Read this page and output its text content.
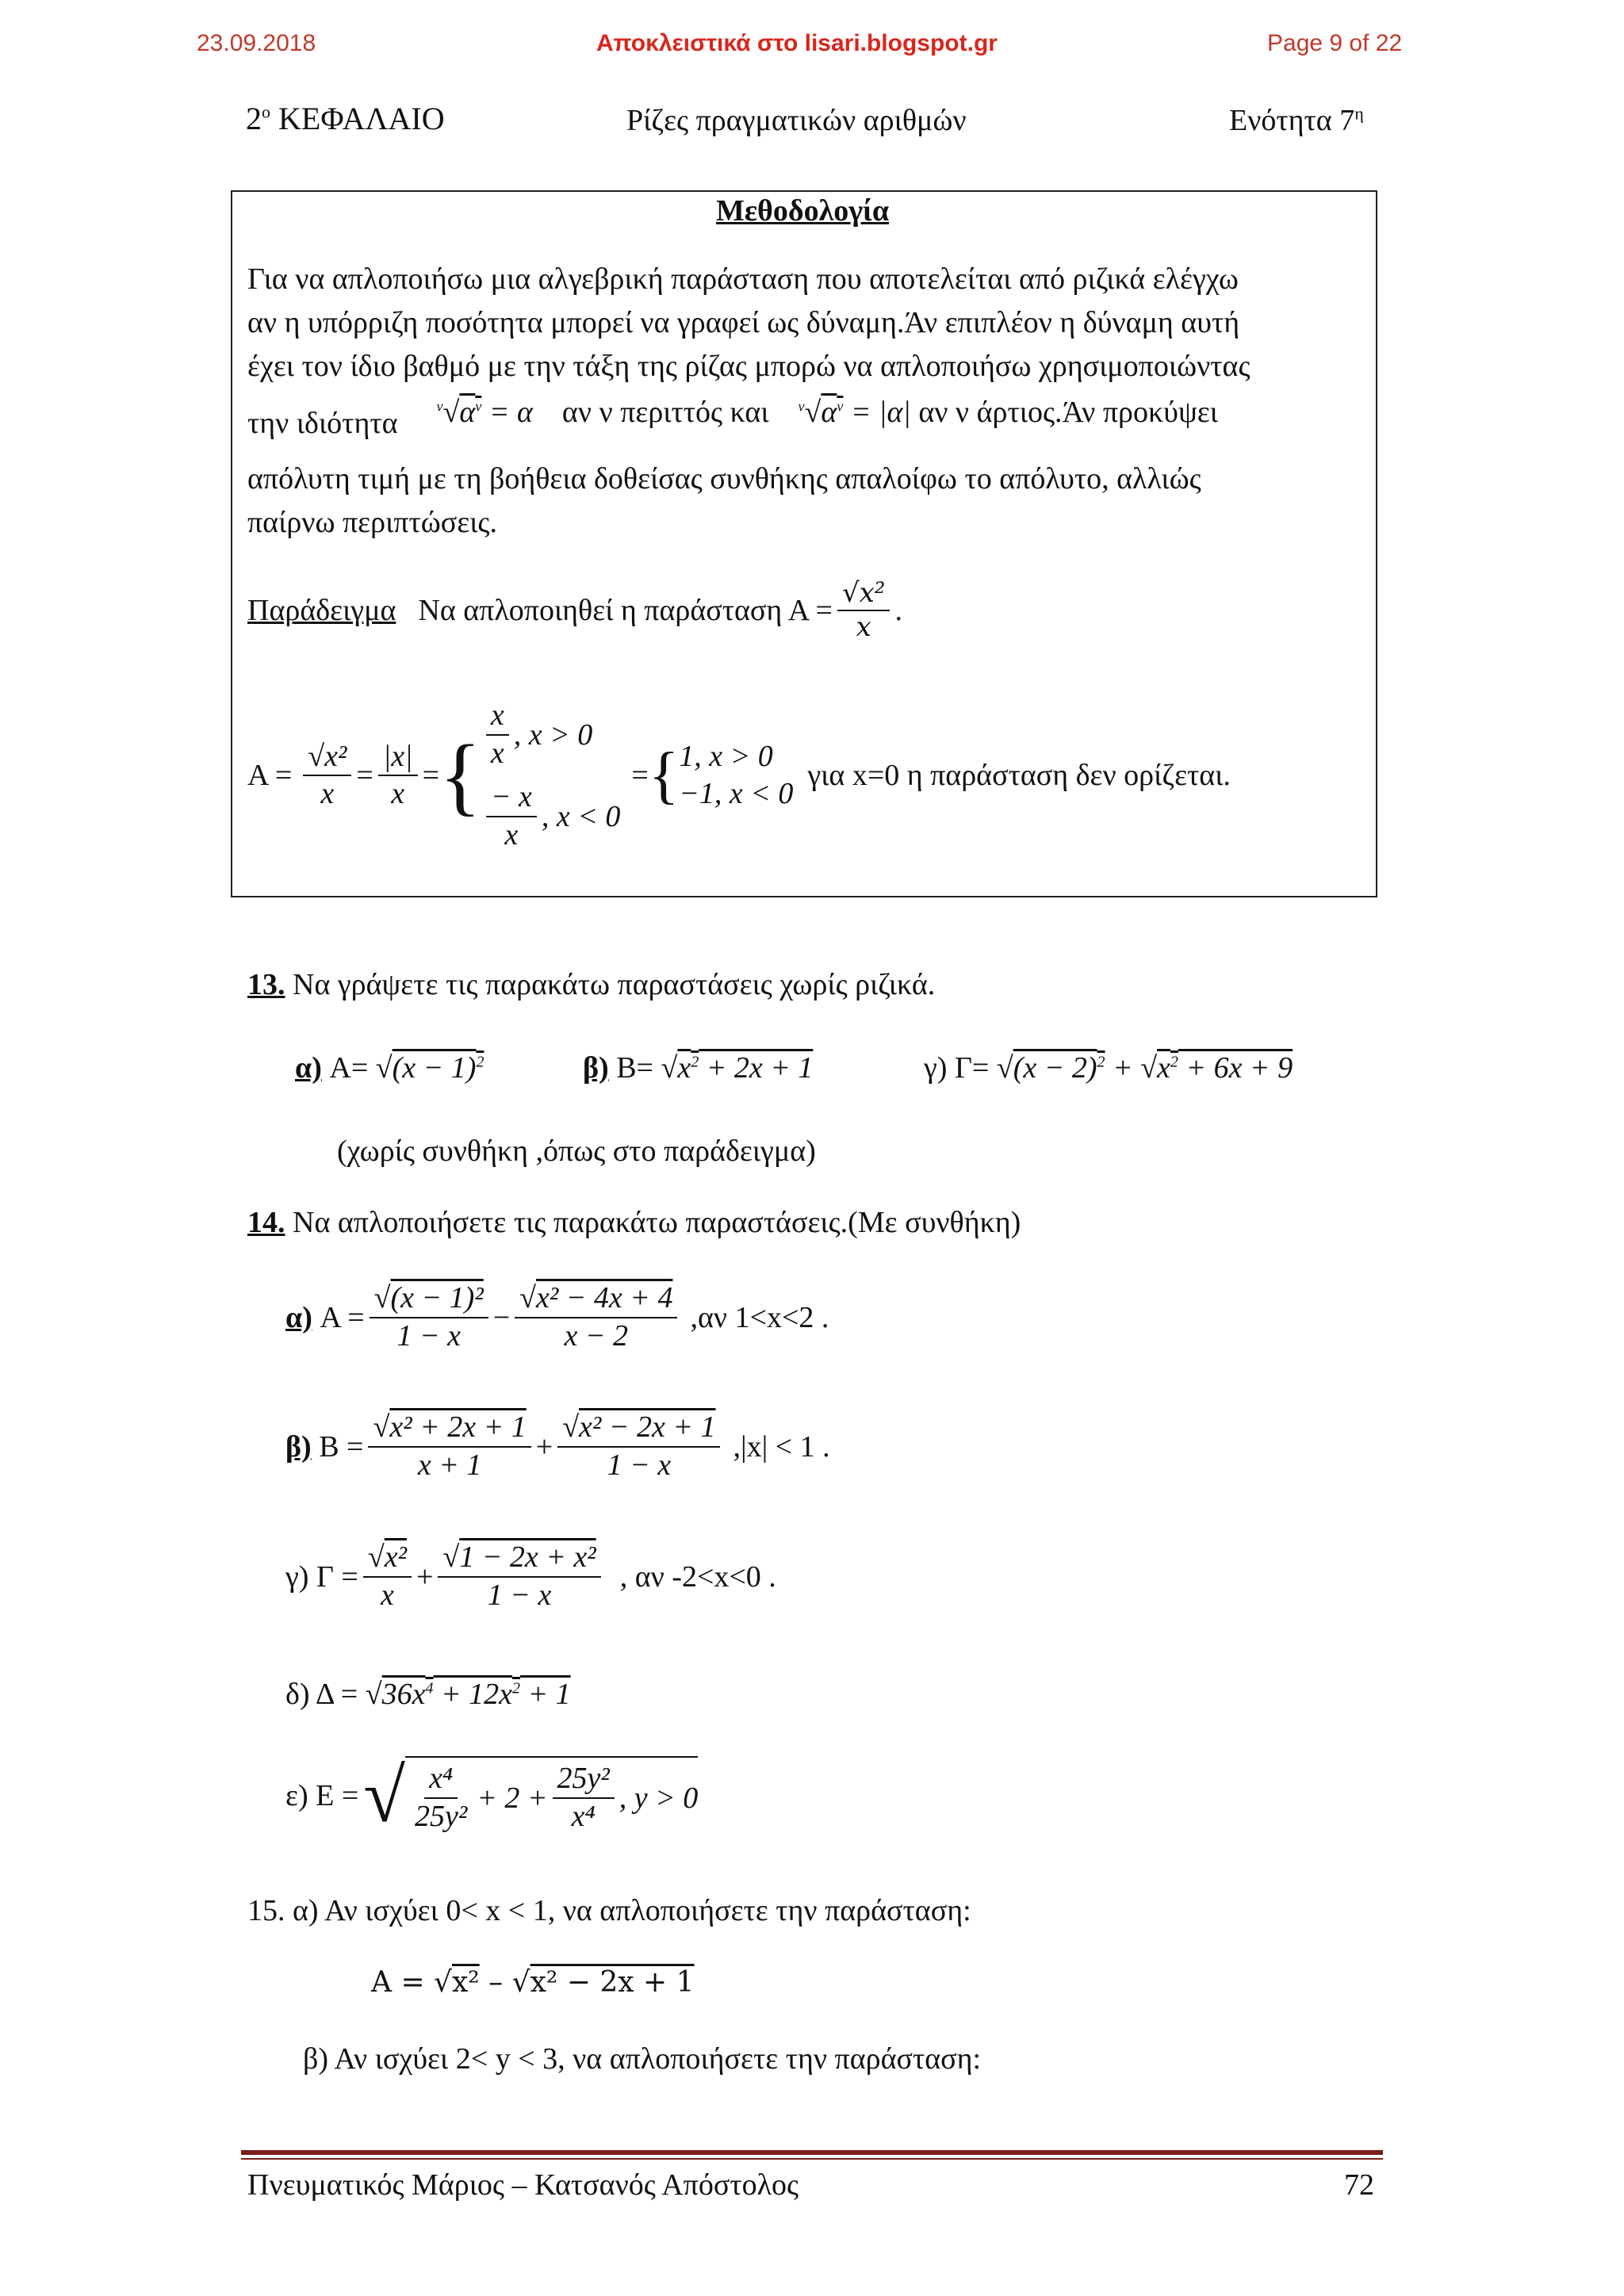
23.09.2018	Αποκλειστικά στο lisari.blogspot.gr	Page 9 of 22
$2^o$ ΚΕΦΑΛΑΙΟ	Ρίζες πραγματικών αριθμών	Ενότητα $7^\eta$
Μεθοδολογία
Για να απλοποιήσω μια αλγεβρική παράσταση που αποτελείται από ριζικά ελέγχω
αν η υπόρριζη ποσότητα μπορεί να γραφεί ως δύναμη.Άν επιπλέον η δύναμη αυτή
έχει τον ίδιο βαθμό με την τάξη της ρίζας μπορώ να απλοποιήσω χρησιμοποιώντας
την ιδιότητα  $^\nu√\alpha^\nu = \alpha$ αν ν περιττός και $^\nu√\alpha^\nu = |\alpha|$ αν ν άρτιος.Άν προκύψει
απόλυτη τιμή με τη βοήθεια δοθείσας συνθήκης απαλοίφω το απόλυτο, αλλιώς
παίρνω περιπτώσεις.
Παράδειγμα Να απλοποιηθεί η παράσταση $A = \frac{\text{√x²}}{x}$ .
$A = \frac{\text{√x²}}{x} = \frac{|x|}{x}$ = { $\frac{x}{x}$ , x > 0
$\frac{- x}{x}$ , x < 0
= { 1, x > 0
−1, x < 0
για x=0 η παράσταση δεν ορίζεται.
13. Να γράψετε τις παρακάτω παραστάσεις χωρίς ριζικά.
α) $A= √(x - 1)^2$	β) $B= √x^2 + 2x + 1$	γ) $\Gamma= √(x - 2)^2 + √x^2 + 6x + 9$
(χωρίς συνθήκη ,όπως στο παράδειγμα)
14. Να απλοποιήσετε τις παρακάτω παραστάσεις.(Με συνθήκη)
α) $A = \frac{\text{√(x − 1)²}}{1 - x} - \frac{\text{√x² − 4x + 4}}{x - 2} ,\alpha\nu$ 1<x<2 .
β) $B = \frac{\text{√x² + 2x + 1}}{x + 1} + \frac{\text{√x² − 2x + 1}}{1 - x} ,|x| < 1$ .
γ) $\Gamma = \frac{\text{√x²}}{x} + \frac{\text{√1 − 2x + x²}}{1 - x}$ , αν -2<x<0 .
δ) $\Delta = √36x^4 + 12x^2 + 1$
ε) Ε = √ $\frac{\text{x⁴}}{\text{25y²}} + 2 + \frac{\text{25y²}}{\text{x⁴}}$ , y > 0
15. α) Αν ισχύει 0< x < 1, να απλοποιήσετε την παράσταση:
Α = √x² – √x² − 2x + 1
β) Αν ισχύει 2< y < 3, να απλοποιήσετε την παράσταση:
Πνευματικός Μάριος – Κατσανός Απόστολος	72
